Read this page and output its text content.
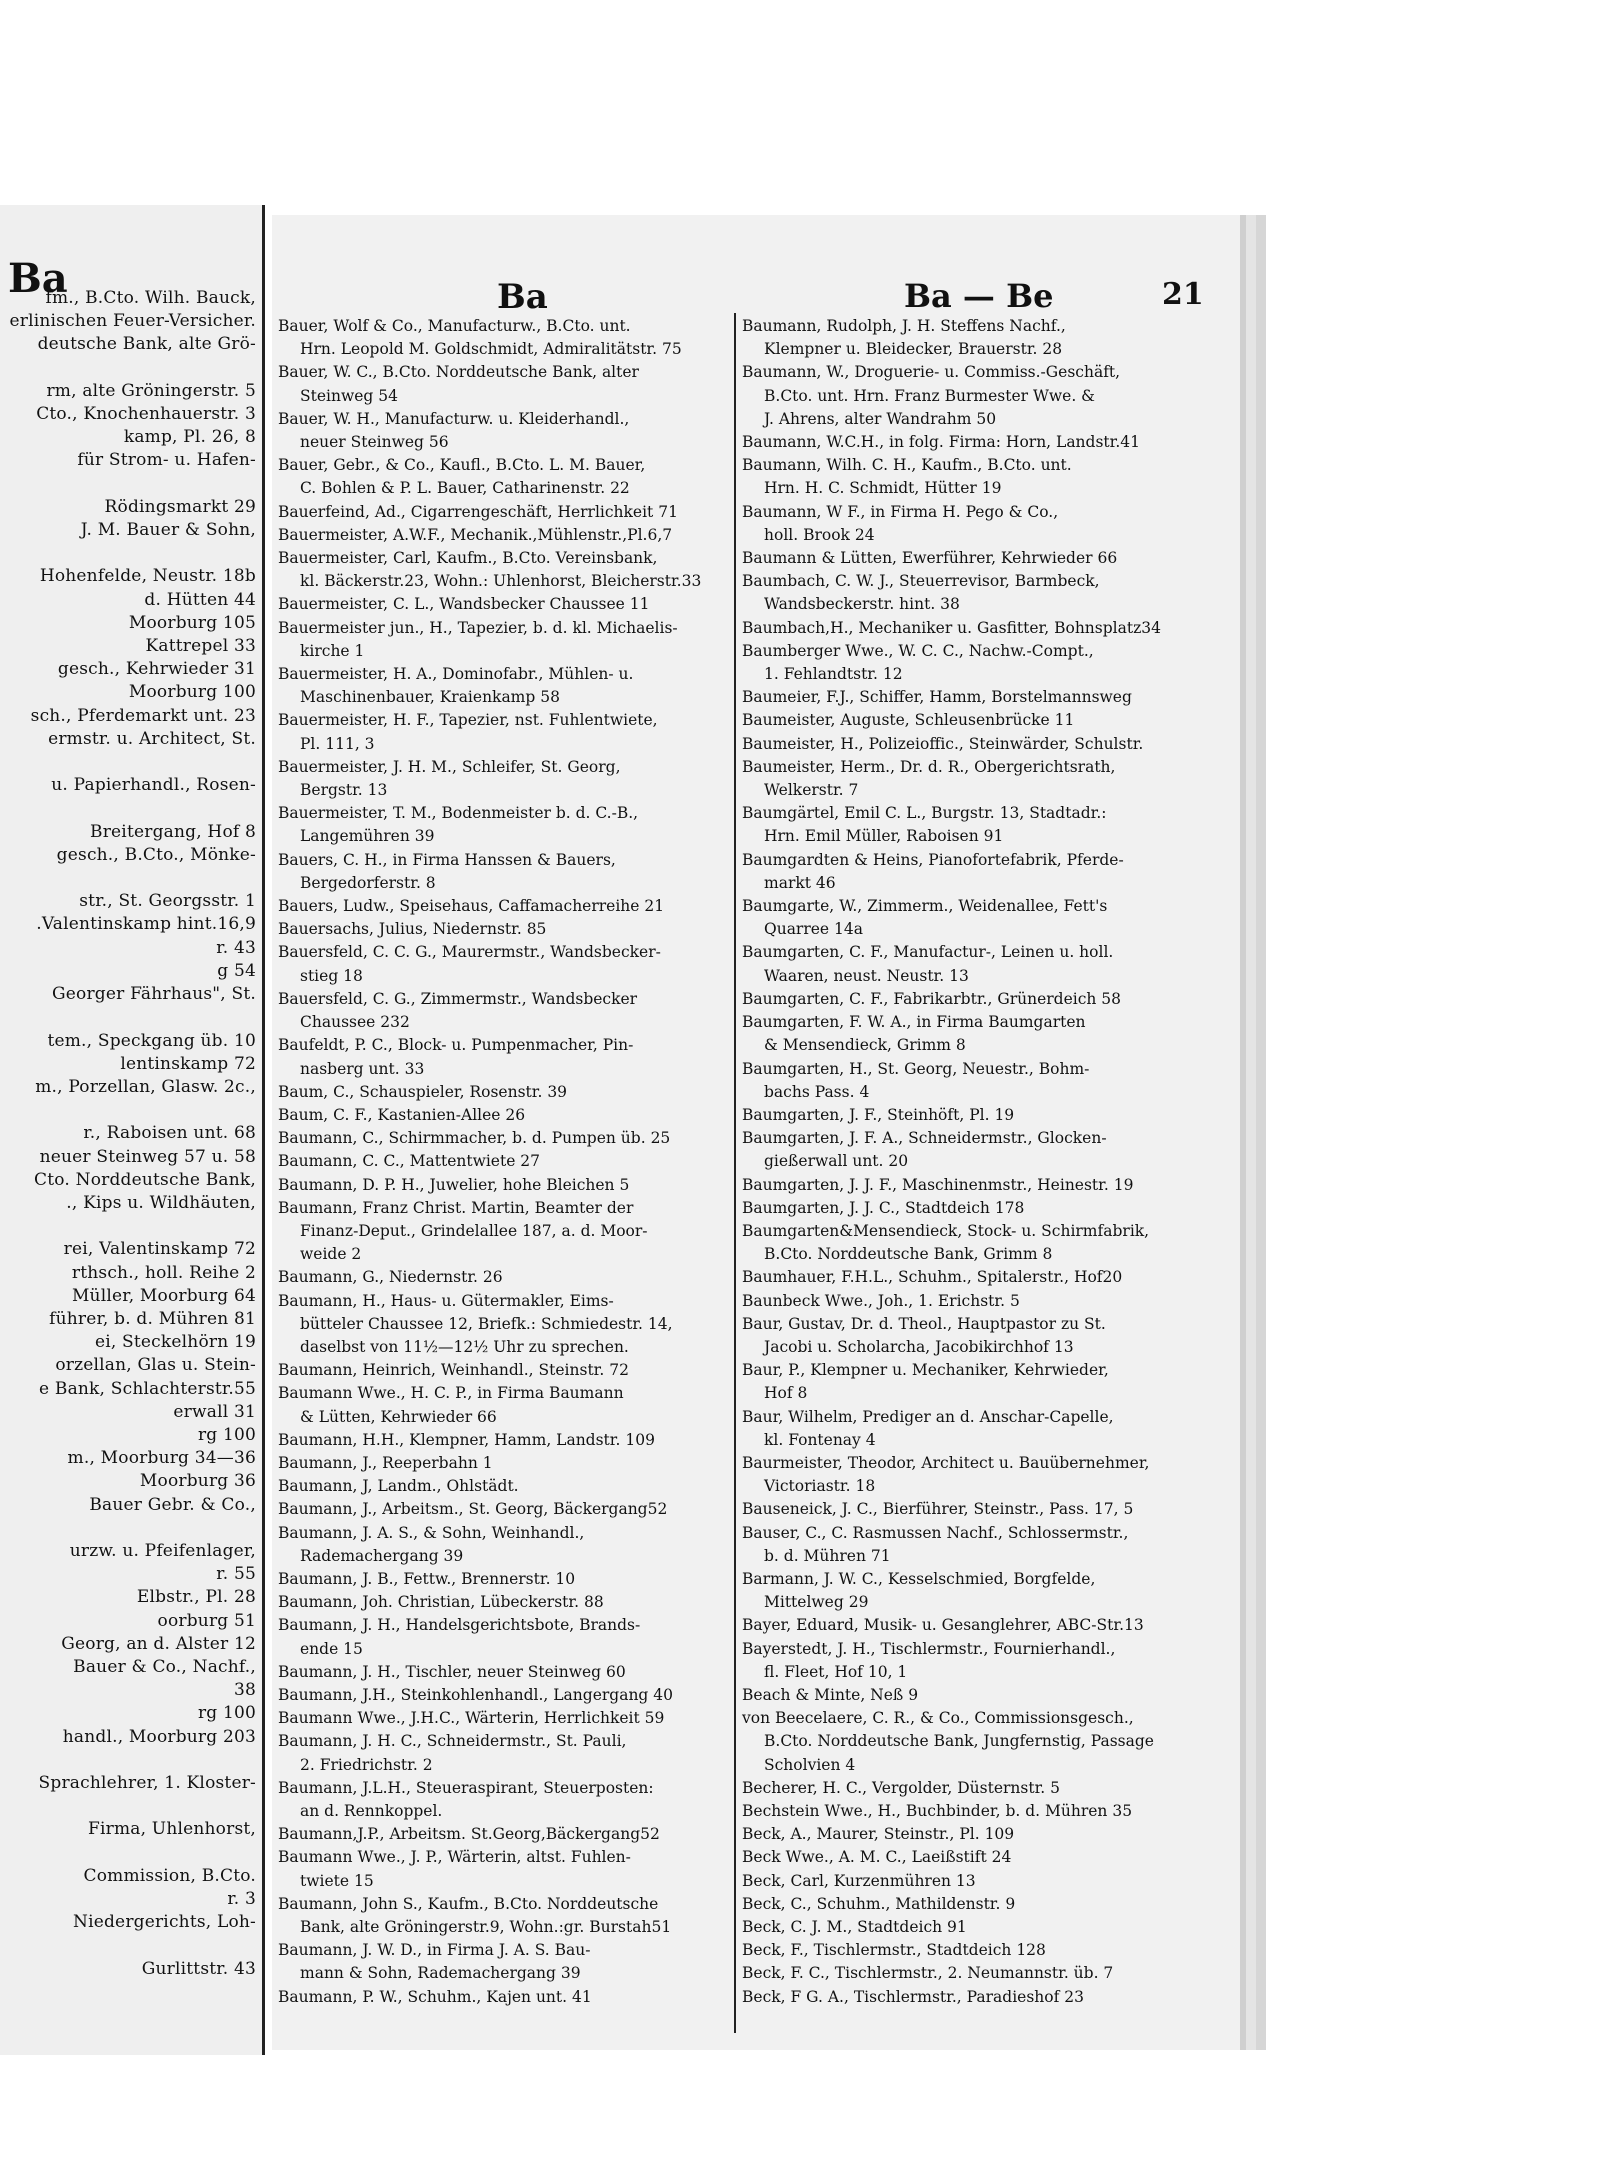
Ba
fm., B.Cto. Wilh. Bauck,
erlinischen Feuer-Versicher.
deutsche Bank, alte Grö-

rm, alte Gröningerstr. 5
Cto., Knochenhauerstr. 3
kamp, Pl. 26, 8
für Strom- u. Hafen-

Rödingsmarkt 29
J. M. Bauer & Sohn,

Hohenfelde, Neustr. 18b
d. Hütten 44
Moorburg 105
Kattrepel 33
gesch., Kehrwieder 31
Moorburg 100
sch., Pferdemarkt unt. 23
ermstr. u. Architect, St.

u. Papierhandl., Rosen-

Breitergang, Hof 8
gesch., B.Cto., Mönke-

str., St. Georgsstr. 1
.Valentinskamp hint.16,9
r. 43
g 54
Georger Fährhaus", St.

tem., Speckgang üb. 10
lentinskamp 72
m., Porzellan, Glasw. 2c.,

r., Raboisen unt. 68
neuer Steinweg 57 u. 58
Cto. Norddeutsche Bank,
., Kips u. Wildhäuten,

rei, Valentinskamp 72
rthsch., holl. Reihe 2
Müller, Moorburg 64
führer, b. d. Mühren 81
ei, Steckelhörn 19
orzellan, Glas u. Stein-
e Bank, Schlachterstr.55
erwall 31
rg 100
m., Moorburg 34—36
Moorburg 36
Bauer Gebr. & Co.,

urzw. u. Pfeifenlager,
r. 55
Elbstr., Pl. 28
oorburg 51
Georg, an d. Alster 12
Bauer & Co., Nachf.,
38
rg 100
handl., Moorburg 203

Sprachlehrer, 1. Kloster-

Firma, Uhlenhorst,

Commission, B.Cto.
r. 3
Niedergerichts, Loh-

Gurlittstr. 43
Ba	Ba — Be	21
Bauer, Wolf & Co., Manufacturw., B.Cto. unt.
Hrn. Leopold M. Goldschmidt, Admiralitätstr. 75
Bauer, W. C., B.Cto. Norddeutsche Bank, alter
Steinweg 54
Bauer, W. H., Manufacturw. u. Kleiderhandl.,
neuer Steinweg 56
Bauer, Gebr., & Co., Kaufl., B.Cto. L. M. Bauer,
C. Bohlen & P. L. Bauer, Catharinenstr. 22
Bauerfeind, Ad., Cigarrengeschäft, Herrlichkeit 71
Bauermeister, A.W.F., Mechanik.,Mühlenstr.,Pl.6,7
Bauermeister, Carl, Kaufm., B.Cto. Vereinsbank,
kl. Bäckerstr.23, Wohn.: Uhlenhorst, Bleicherstr.33
Bauermeister, C. L., Wandsbecker Chaussee 11
Bauermeister jun., H., Tapezier, b. d. kl. Michaelis-
kirche 1
Bauermeister, H. A., Dominofabr., Mühlen- u.
Maschinenbauer, Kraienkamp 58
Bauermeister, H. F., Tapezier, nst. Fuhlentwiete,
Pl. 111, 3
Bauermeister, J. H. M., Schleifer, St. Georg,
Bergstr. 13
Bauermeister, T. M., Bodenmeister b. d. C.-B.,
Langemühren 39
Bauers, C. H., in Firma Hanssen & Bauers,
Bergedorferstr. 8
Bauers, Ludw., Speisehaus, Caffamacherreihe 21
Bauersachs, Julius, Niedernstr. 85
Bauersfeld, C. C. G., Maurermstr., Wandsbecker-
stieg 18
Bauersfeld, C. G., Zimmermstr., Wandsbecker
Chaussee 232
Baufeldt, P. C., Block- u. Pumpenmacher, Pin-
nasberg unt. 33
Baum, C., Schauspieler, Rosenstr. 39
Baum, C. F., Kastanien-Allee 26
Baumann, C., Schirmmacher, b. d. Pumpen üb. 25
Baumann, C. C., Mattentwiete 27
Baumann, D. P. H., Juwelier, hohe Bleichen 5
Baumann, Franz Christ. Martin, Beamter der
Finanz-Deput., Grindelallee 187, a. d. Moor-
weide 2
Baumann, G., Niedernstr. 26
Baumann, H., Haus- u. Gütermakler, Eims-
bütteler Chaussee 12, Briefk.: Schmiedestr. 14,
daselbst von 11½—12½ Uhr zu sprechen.
Baumann, Heinrich, Weinhandl., Steinstr. 72
Baumann Wwe., H. C. P., in Firma Baumann
& Lütten, Kehrwieder 66
Baumann, H.H., Klempner, Hamm, Landstr. 109
Baumann, J., Reeperbahn 1
Baumann, J, Landm., Ohlstädt.
Baumann, J., Arbeitsm., St. Georg, Bäckergang52
Baumann, J. A. S., & Sohn, Weinhandl.,
Rademachergang 39
Baumann, J. B., Fettw., Brennerstr. 10
Baumann, Joh. Christian, Lübeckerstr. 88
Baumann, J. H., Handelsgerichtsbote, Brands-
ende 15
Baumann, J. H., Tischler, neuer Steinweg 60
Baumann, J.H., Steinkohlenhandl., Langergang 40
Baumann Wwe., J.H.C., Wärterin, Herrlichkeit 59
Baumann, J. H. C., Schneidermstr., St. Pauli,
2. Friedrichstr. 2
Baumann, J.L.H., Steueraspirant, Steuerposten:
an d. Rennkoppel.
Baumann,J.P., Arbeitsm. St.Georg,Bäckergang52
Baumann Wwe., J. P., Wärterin, altst. Fuhlen-
twiete 15
Baumann, John S., Kaufm., B.Cto. Norddeutsche
Bank, alte Gröningerstr.9, Wohn.:gr. Burstah51
Baumann, J. W. D., in Firma J. A. S. Bau-
mann & Sohn, Rademachergang 39
Baumann, P. W., Schuhm., Kajen unt. 41
Baumann, Rudolph, J. H. Steffens Nachf.,
Klempner u. Bleidecker, Brauerstr. 28
Baumann, W., Droguerie- u. Commiss.-Geschäft,
B.Cto. unt. Hrn. Franz Burmester Wwe. &
J. Ahrens, alter Wandrahm 50
Baumann, W.C.H., in folg. Firma: Horn, Landstr.41
Baumann, Wilh. C. H., Kaufm., B.Cto. unt.
Hrn. H. C. Schmidt, Hütter 19
Baumann, W F., in Firma H. Pego & Co.,
holl. Brook 24
Baumann & Lütten, Ewerführer, Kehrwieder 66
Baumbach, C. W. J., Steuerrevisor, Barmbeck,
Wandsbeckerstr. hint. 38
Baumbach,H., Mechaniker u. Gasfitter, Bohnsplatz34
Baumberger Wwe., W. C. C., Nachw.-Compt.,
1. Fehlandtstr. 12
Baumeier, F.J., Schiffer, Hamm, Borstelmannsweg
Baumeister, Auguste, Schleusenbrücke 11
Baumeister, H., Polizeioffic., Steinwärder, Schulstr.
Baumeister, Herm., Dr. d. R., Obergerichtsrath,
Welkerstr. 7
Baumgärtel, Emil C. L., Burgstr. 13, Stadtadr.:
Hrn. Emil Müller, Raboisen 91
Baumgardten & Heins, Pianofortefabrik, Pferde-
markt 46
Baumgarte, W., Zimmerm., Weidenallee, Fett's
Quarree 14a
Baumgarten, C. F., Manufactur-, Leinen u. holl.
Waaren, neust. Neustr. 13
Baumgarten, C. F., Fabrikarbtr., Grünerdeich 58
Baumgarten, F. W. A., in Firma Baumgarten
& Mensendieck, Grimm 8
Baumgarten, H., St. Georg, Neuestr., Bohm-
bachs Pass. 4
Baumgarten, J. F., Steinhöft, Pl. 19
Baumgarten, J. F. A., Schneidermstr., Glocken-
gießerwall unt. 20
Baumgarten, J. J. F., Maschinenmstr., Heinestr. 19
Baumgarten, J. J. C., Stadtdeich 178
Baumgarten&Mensendieck, Stock- u. Schirmfabrik,
B.Cto. Norddeutsche Bank, Grimm 8
Baumhauer, F.H.L., Schuhm., Spitalerstr., Hof20
Baunbeck Wwe., Joh., 1. Erichstr. 5
Baur, Gustav, Dr. d. Theol., Hauptpastor zu St.
Jacobi u. Scholarcha, Jacobikirchhof 13
Baur, P., Klempner u. Mechaniker, Kehrwieder,
Hof 8
Baur, Wilhelm, Prediger an d. Anschar-Capelle,
kl. Fontenay 4
Baurmeister, Theodor, Architect u. Bauübernehmer,
Victoriastr. 18
Bauseneick, J. C., Bierführer, Steinstr., Pass. 17, 5
Bauser, C., C. Rasmussen Nachf., Schlossermstr.,
b. d. Mühren 71
Barmann, J. W. C., Kesselschmied, Borgfelde,
Mittelweg 29
Bayer, Eduard, Musik- u. Gesanglehrer, ABC-Str.13
Bayerstedt, J. H., Tischlermstr., Fournierhandl.,
fl. Fleet, Hof 10, 1
Beach & Minte, Neß 9
von Beecelaere, C. R., & Co., Commissionsgesch.,
B.Cto. Norddeutsche Bank, Jungfernstig, Passage
Scholvien 4
Becherer, H. C., Vergolder, Düsternstr. 5
Bechstein Wwe., H., Buchbinder, b. d. Mühren 35
Beck, A., Maurer, Steinstr., Pl. 109
Beck Wwe., A. M. C., Laeißstift 24
Beck, Carl, Kurzenmühren 13
Beck, C., Schuhm., Mathildenstr. 9
Beck, C. J. M., Stadtdeich 91
Beck, F., Tischlermstr., Stadtdeich 128
Beck, F. C., Tischlermstr., 2. Neumannstr. üb. 7
Beck, F G. A., Tischlermstr., Paradieshof 23
